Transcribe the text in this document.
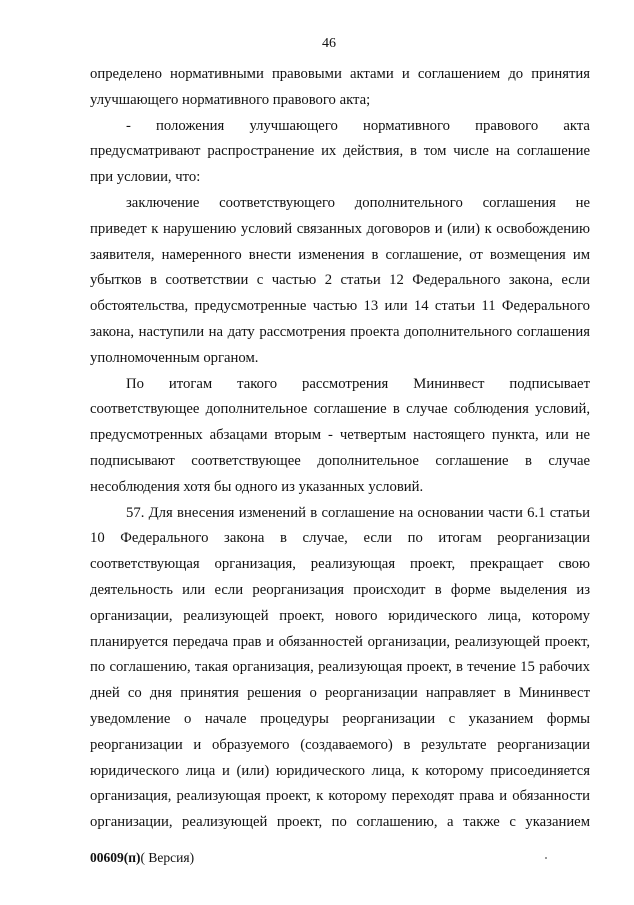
46
определено нормативными правовыми актами и соглашением до принятия
улучшающего нормативного правового акта;
- положения улучшающего нормативного правового акта
предусматривают распространение их действия, в том числе на соглашение
при условии, что:
заключение соответствующего дополнительного соглашения не
приведет к нарушению условий связанных договоров и (или) к освобождению
заявителя, намеренного внести изменения в соглашение, от возмещения им
убытков в соответствии с частью 2 статьи 12 Федерального закона, если
обстоятельства, предусмотренные частью 13 или 14 статьи 11 Федерального
закона, наступили на дату рассмотрения проекта дополнительного соглашения
уполномоченным органом.
По итогам такого рассмотрения Мининвест подписывает
соответствующее дополнительное соглашение в случае соблюдения условий,
предусмотренных абзацами вторым - четвертым настоящего пункта, или не
подписывают соответствующее дополнительное соглашение в случае
несоблюдения хотя бы одного из указанных условий.
57. Для внесения изменений в соглашение на основании части 6.1 статьи
10 Федерального закона в случае, если по итогам реорганизации
соответствующая организация, реализующая проект, прекращает свою
деятельность или если реорганизация происходит в форме выделения из
организации, реализующей проект, нового юридического лица, которому
планируется передача прав и обязанностей организации, реализующей проект,
по соглашению, такая организация, реализующая проект, в течение 15 рабочих
дней со дня принятия решения о реорганизации направляет в Мининвест
уведомление о начале процедуры реорганизации с указанием формы
реорганизации и образуемого (создаваемого) в результате реорганизации
юридического лица и (или) юридического лица, к которому присоединяется
организация, реализующая проект, к которому переходят права и обязанности
организации, реализующей проект, по соглашению, а также с указанием
00609(п)( Версия)
